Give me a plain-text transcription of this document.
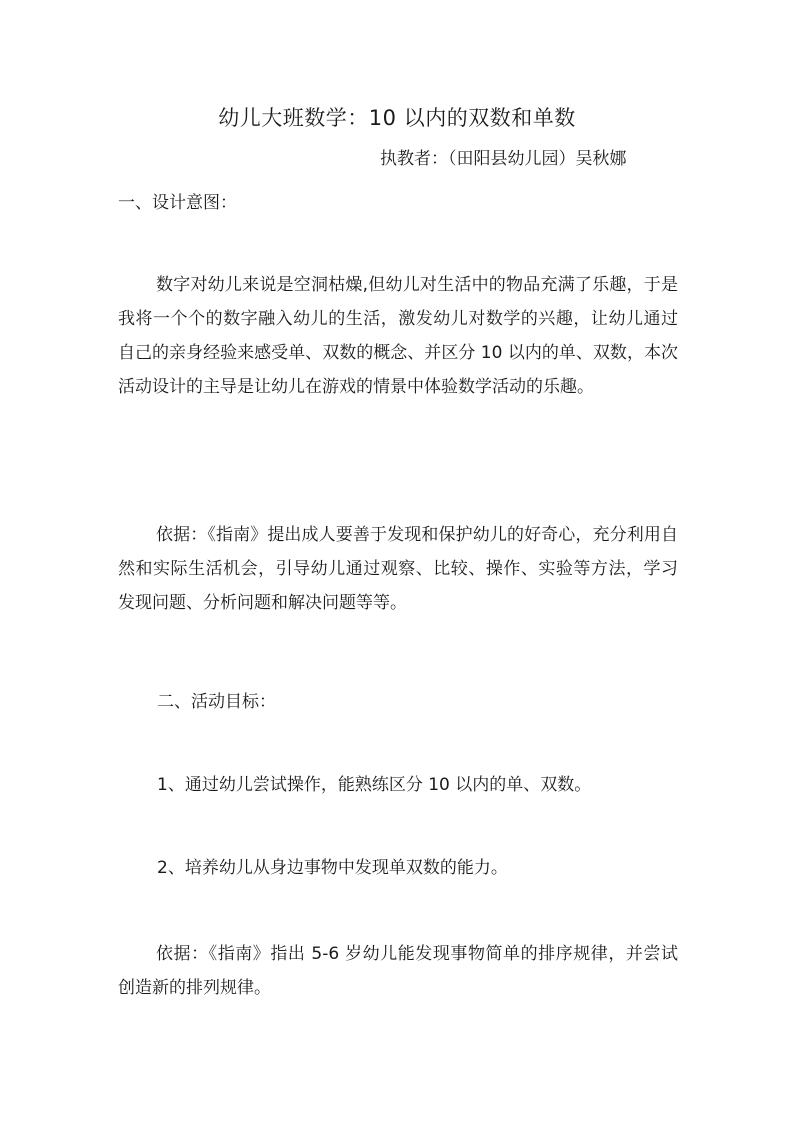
幼儿大班数学：10 以内的双数和单数
执教者：（田阳县幼儿园）吴秋娜
一、设计意图：
数字对幼儿来说是空洞枯燥,但幼儿对生活中的物品充满了乐趣，于是我将一个个的数字融入幼儿的生活，激发幼儿对数学的兴趣，让幼儿通过自己的亲身经验来感受单、双数的概念、并区分 10 以内的单、双数，本次活动设计的主导是让幼儿在游戏的情景中体验数学活动的乐趣。
依据：《指南》提出成人要善于发现和保护幼儿的好奇心，充分利用自然和实际生活机会，引导幼儿通过观察、比较、操作、实验等方法，学习发现问题、分析问题和解决问题等等。
二、活动目标：
1、通过幼儿尝试操作，能熟练区分 10 以内的单、双数。
2、培养幼儿从身边事物中发现单双数的能力。
依据：《指南》指出 5-6 岁幼儿能发现事物简单的排序规律，并尝试创造新的排列规律。
